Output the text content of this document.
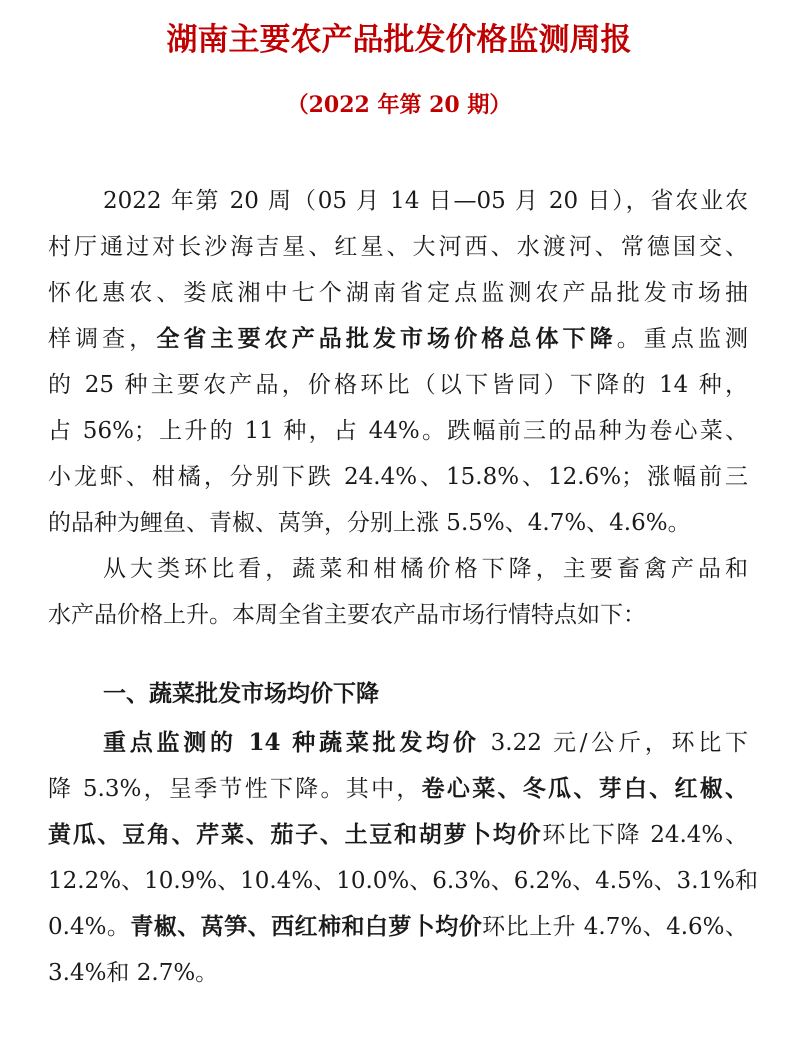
湖南主要农产品批发价格监测周报
（2022 年第 20 期）
2022 年第 20 周（05 月 14 日—05 月 20 日），省农业农
村厅通过对长沙海吉星、红星、大河西、水渡河、常德国交、
怀化惠农、娄底湘中七个湖南省定点监测农产品批发市场抽
样调查，全省主要农产品批发市场价格总体下降。重点监测
的 25 种主要农产品，价格环比（以下皆同）下降的 14 种，
占 56%；上升的 11 种，占 44%。跌幅前三的品种为卷心菜、
小龙虾、柑橘，分别下跌 24.4%、15.8%、12.6%；涨幅前三
的品种为鲤鱼、青椒、莴笋，分别上涨 5.5%、4.7%、4.6%。
从大类环比看，蔬菜和柑橘价格下降，主要畜禽产品和
水产品价格上升。本周全省主要农产品市场行情特点如下：
一、蔬菜批发市场均价下降
重点监测的 14 种蔬菜批发均价 3.22 元/公斤，环比下
降 5.3%，呈季节性下降。其中，卷心菜、冬瓜、芽白、红椒、
黄瓜、豆角、芹菜、茄子、土豆和胡萝卜均价环比下降 24.4%、
12.2%、10.9%、10.4%、10.0%、6.3%、6.2%、4.5%、3.1%和
0.4%。青椒、莴笋、西红柿和白萝卜均价环比上升 4.7%、4.6%、
3.4%和 2.7%。
